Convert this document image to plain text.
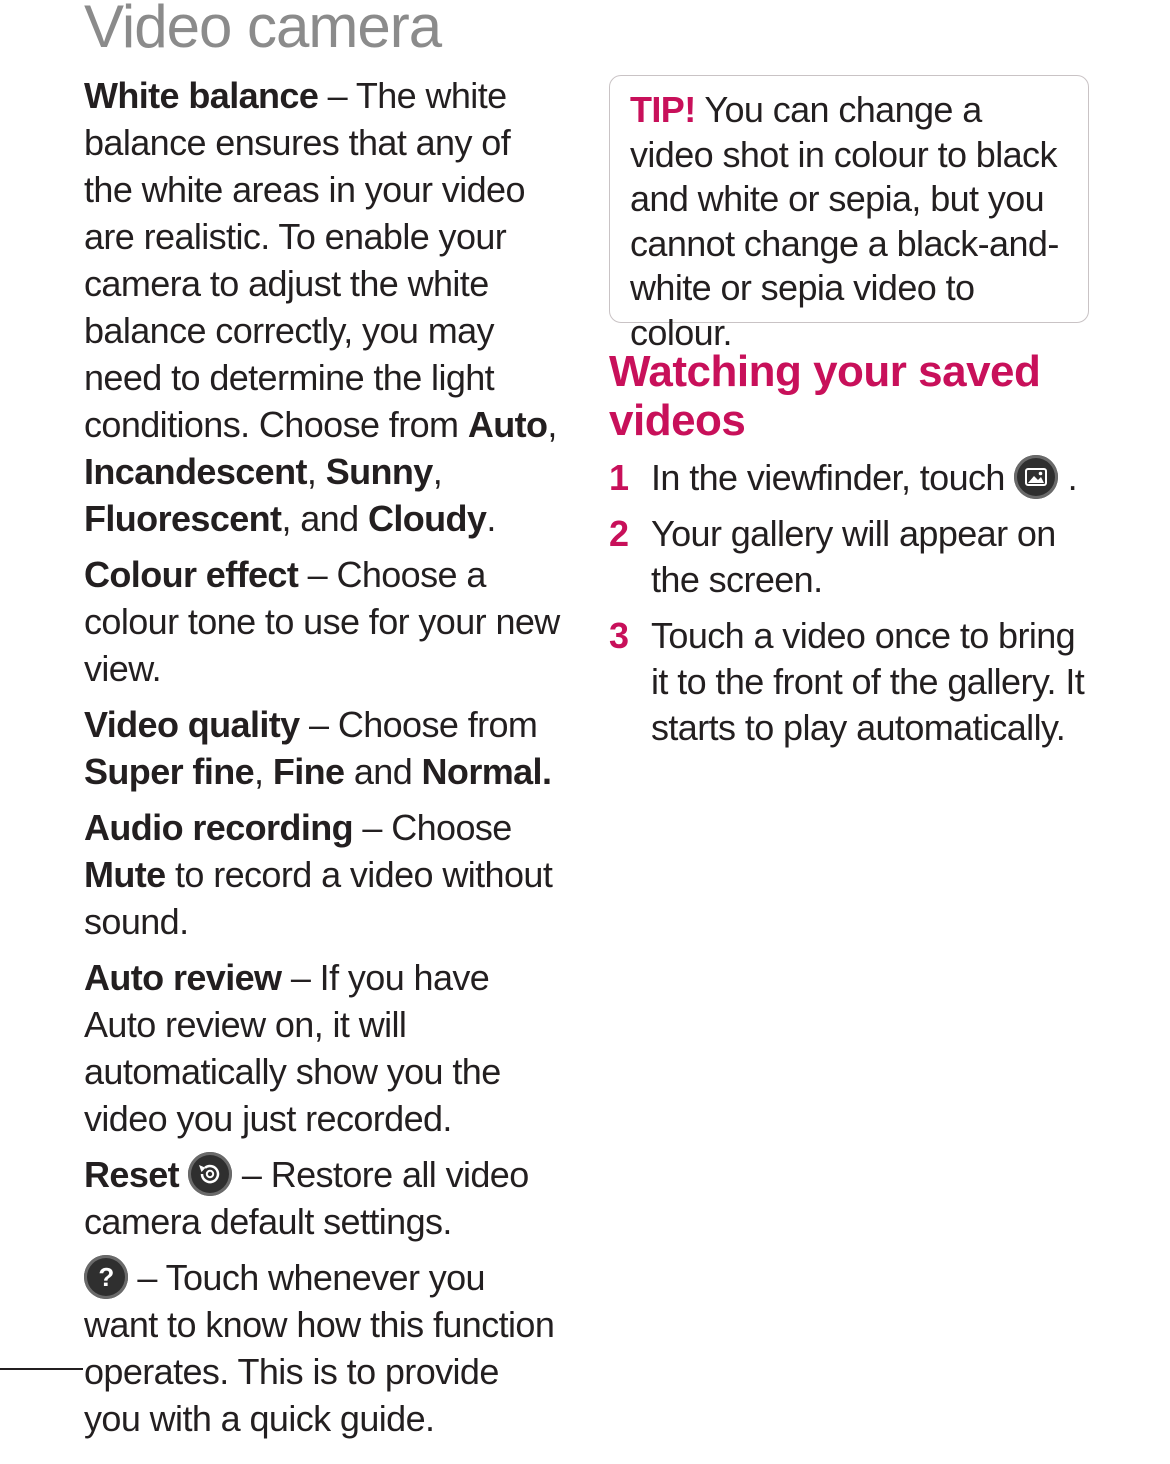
Video camera

White balance – The white balance ensures that any of the white areas in your video are realistic. To enable your camera to adjust the white balance correctly, you may need to determine the light conditions. Choose from Auto, Incandescent, Sunny, Fluorescent, and Cloudy.

Colour effect – Choose a colour tone to use for your new view.

Video quality – Choose from Super fine, Fine and Normal.

Audio recording – Choose Mute to record a video without sound.

Auto review – If you have Auto review on, it will automatically show you the video you just recorded.

Reset
– Restore all video camera default settings.

? – Touch whenever you want to know how this function operates. This is to provide you with a quick guide.

TIP! You can change a video shot in colour to black and white or sepia, but you cannot change a black-and-white or sepia video to colour.
Watching your saved videos
1 In the viewfinder, touch
.
2 Your gallery will appear on the screen.
3 Touch a video once to bring it to the front of the gallery. It starts to play automatically.
